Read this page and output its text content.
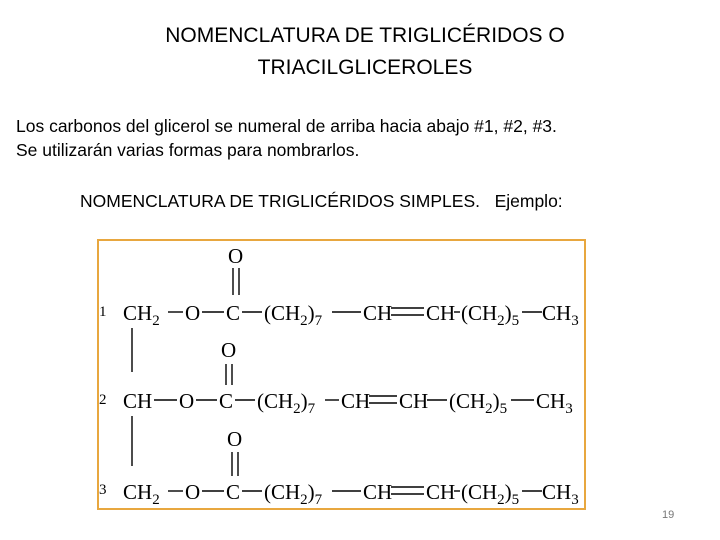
NOMENCLATURA DE TRIGLICÉRIDOS O
TRIACILGLICEROLES
Los carbonos del glicerol se numeral de arriba hacia abajo #1, #2, #3.
Se utilizarán varias formas para nombrarlos.
NOMENCLATURA DE TRIGLICÉRIDOS SIMPLES.   Ejemplo:
1
O
CH2 O C (CH2)7 CH CH (CH2)5 CH3
2
O
CH O C (CH2)7 CH CH (CH2)5 CH3
3
O
CH2 O C (CH2)7 CH CH (CH2)5 CH3
19
